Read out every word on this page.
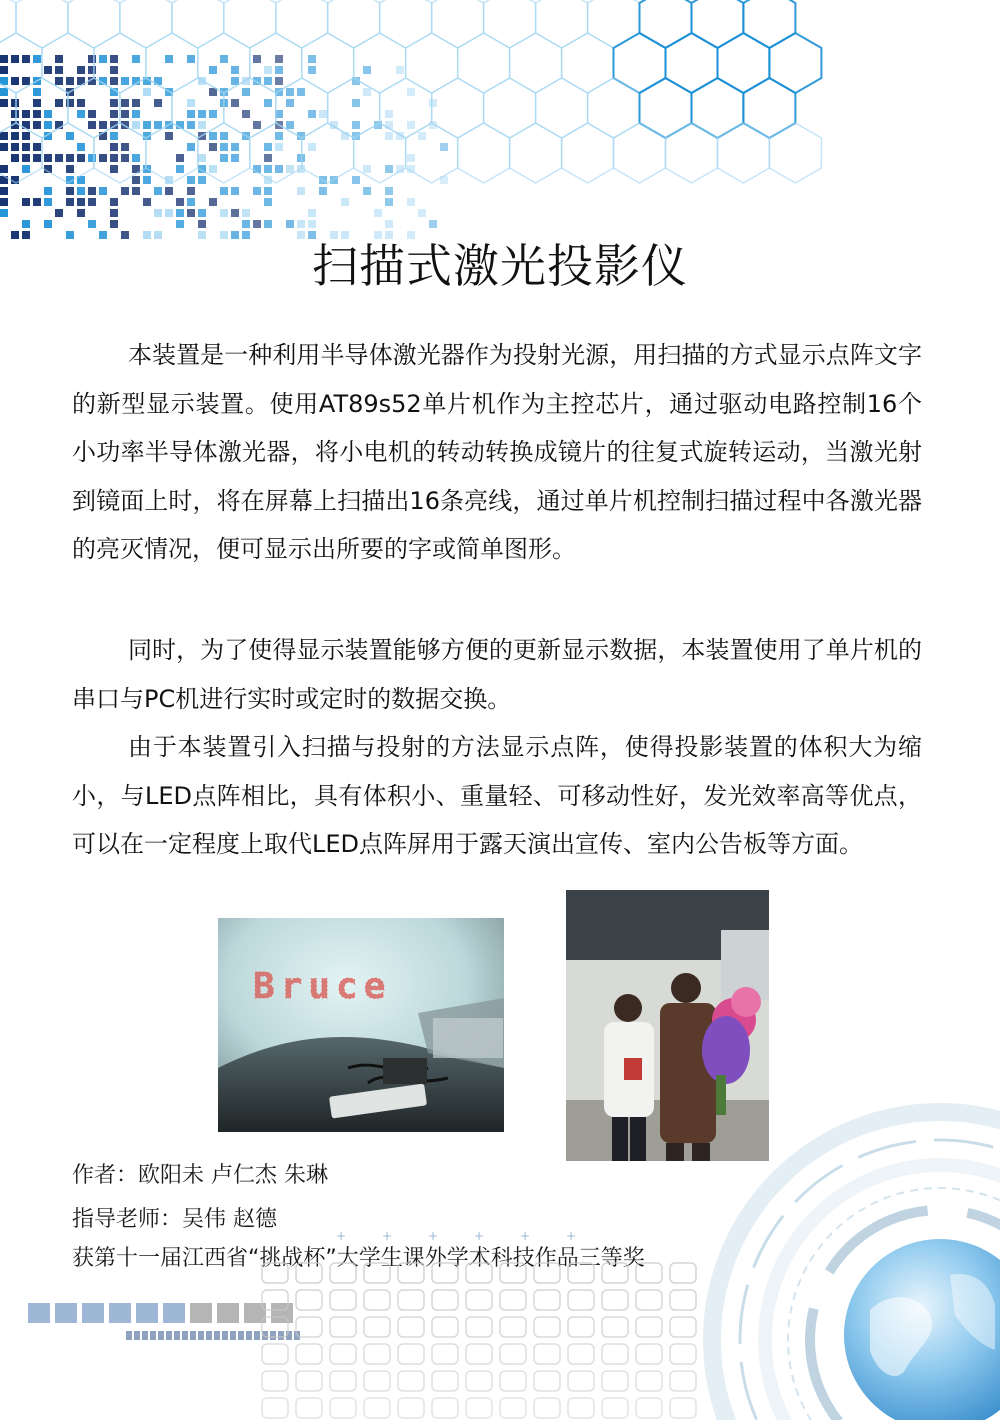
扫描式激光投影仪

本装置是一种利用半导体激光器作为投射光源，用扫描的方式显示点阵文字的新型显示装置。使用AT89s52单片机作为主控芯片，通过驱动电路控制16个小功率半导体激光器，将小电机的转动转换成镜片的往复式旋转运动，当激光射到镜面上时，将在屏幕上扫描出16条亮线，通过单片机控制扫描过程中各激光器的亮灭情况，便可显示出所要的字或简单图形。

同时，为了使得显示装置能够方便的更新显示数据，本装置使用了单片机的串口与PC机进行实时或定时的数据交换。

由于本装置引入扫描与投射的方法显示点阵，使得投影装置的体积大为缩小，与LED点阵相比，具有体积小、重量轻、可移动性好，发光效率高等优点，可以在一定程度上取代LED点阵屏用于露天演出宣传、室内公告板等方面。

Bruce

作者：欧阳未 卢仁杰 朱琳

指导老师：吴伟 赵德

获第十一届江西省“挑战杯”大学生课外学术科技作品三等奖

+	+	+	+	+	+
